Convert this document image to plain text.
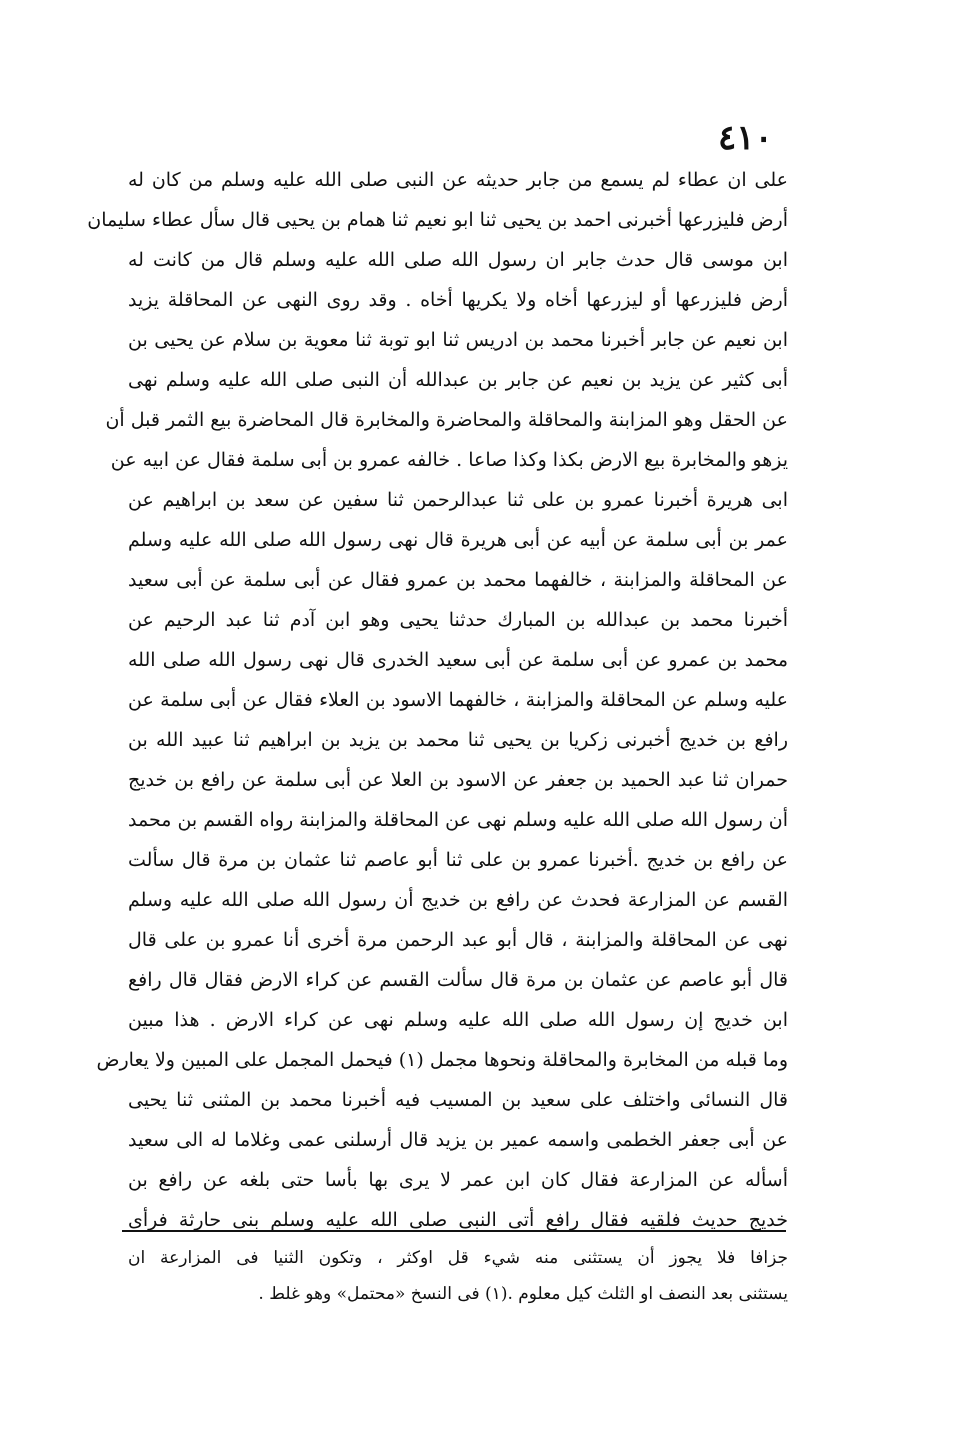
٤١٠
على ان عطاء لم يسمع من جابر حديثه عن النبى صلى الله عليه وسلم من كان له
أرض فليزرعها أخبرنى احمد بن يحيى ثنا ابو نعيم ثنا همام بن يحيى قال سأل عطاء سليمان
ابن موسى قال حدث جابر ان رسول الله صلى الله عليه وسلم قال من كانت له
أرض فليزرعها أو ليزرعها أخاه ولا يكريها أخاه . وقد روى النهى عن المحاقلة يزيد
ابن نعيم عن جابر أخبرنا محمد بن ادريس ثنا ابو توبة ثنا معوية بن سلام عن يحيى بن
أبى كثير عن يزيد بن نعيم عن جابر بن عبدالله أن النبى صلى الله عليه وسلم نهى
عن الحقل وهو المزابنة والمحاقلة والمحاضرة والمخابرة قال المحاضرة بيع الثمر قبل أن
يزهو والمخابرة بيع الارض بكذا وكذا صاعا . خالفه عمرو بن أبى سلمة فقال عن ابيه عن
ابى هريرة أخبرنا عمرو بن على ثنا عبدالرحمن ثنا سفين عن سعد بن ابراهيم عن
عمر بن أبى سلمة عن أبيه عن أبى هريرة قال نهى رسول الله صلى الله عليه وسلم
عن المحاقلة والمزابنة ، خالفهما محمد بن عمرو فقال عن أبى سلمة عن أبى سعيد
أخبرنا محمد بن عبدالله بن المبارك حدثنا يحيى وهو ابن آدم ثنا عبد الرحيم عن
محمد بن عمرو عن أبى سلمة عن أبى سعيد الخدرى قال نهى رسول الله صلى الله
عليه وسلم عن المحاقلة والمزابنة ، خالفهما الاسود بن العلاء فقال عن أبى سلمة عن
رافع بن خديج أخبرنى زكريا بن يحيى ثنا محمد بن يزيد بن ابراهيم ثنا عبيد الله بن
حمران ثنا عبد الحميد بن جعفر عن الاسود بن العلا عن أبى سلمة عن رافع بن خديج
أن رسول الله صلى الله عليه وسلم نهى عن المحاقلة والمزابنة رواه القسم بن محمد
عن رافع بن خديج .أخبرنا عمرو بن على ثنا أبو عاصم ثنا عثمان بن مرة قال سألت
القسم عن المزارعة فحدث عن رافع بن خديج أن رسول الله صلى الله عليه وسلم
نهى عن المحاقلة والمزابنة ، قال أبو عبد الرحمن مرة أخرى أنا عمرو بن على قال
قال أبو عاصم عن عثمان بن مرة قال سألت القسم عن كراء الارض فقال قال رافع
ابن خديج إن رسول الله صلى الله عليه وسلم نهى عن كراء الارض . هذا مبين
وما قبله من المخابرة والمحاقلة ونحوها مجمل (١) فيحمل المجمل على المبين ولا يعارض
قال النسائى واختلف على سعيد بن المسيب فيه أخبرنا محمد بن المثنى ثنا يحيى
عن أبى جعفر الخطمى واسمه عمير بن يزيد قال أرسلنى عمى وغلاما له الى سعيد
أسأله عن المزارعة فقال كان ابن عمر لا يرى بها بأسا حتى بلغه عن رافع بن
خديج حديث فلقيه فقال رافع أتى النبى صلى الله عليه وسلم بنى حارثة فرأى
جزافا فلا يجوز أن يستثنى منه شيء قل اوكثر ، وتكون الثنيا فى المزارعة ان
يستثنى بعد النصف او الثلث كيل معلوم .(١) فى النسخ «محتمل» وهو غلط .
